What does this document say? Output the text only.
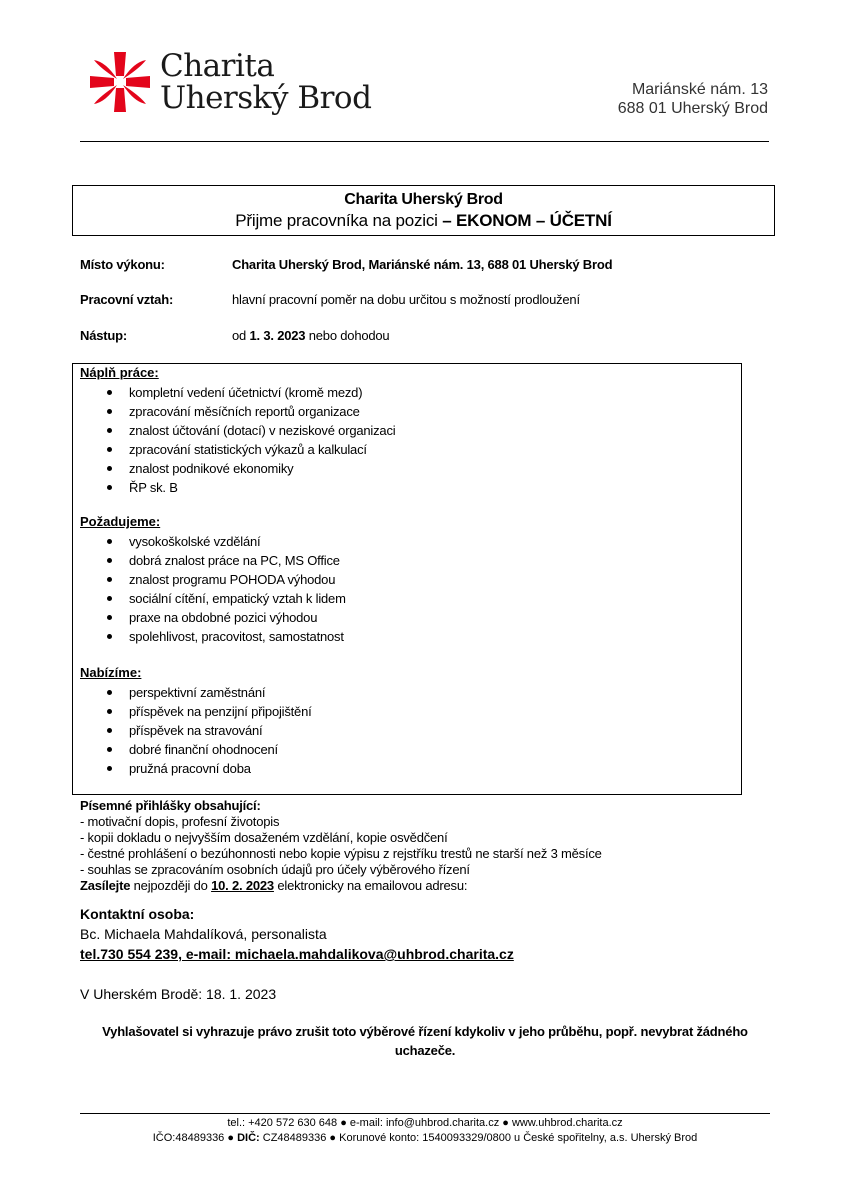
Charita
Uherský Brod	Mariánské nám. 13
688 01 Uherský Brod
Charita Uherský Brod
Přijme pracovníka na pozici – EKONOM – ÚČETNÍ
Místo výkonu:	Charita Uherský Brod, Mariánské nám. 13, 688 01 Uherský Brod
Pracovní vztah:	hlavní pracovní poměr na dobu určitou s možností prodloužení
Nástup:	od 1. 3. 2023 nebo dohodou
Náplň práce:
kompletní vedení účetnictví (kromě mezd)
zpracování měsíčních reportů organizace
znalost účtování (dotací) v neziskové organizaci
zpracování statistických výkazů a kalkulací
znalost podnikové ekonomiky
ŘP sk. B
Požadujeme:
vysokoškolské vzdělání
dobrá znalost práce na PC, MS Office
znalost programu POHODA výhodou
sociální cítění, empatický vztah k lidem
praxe na obdobné pozici výhodou
spolehlivost, pracovitost, samostatnost
Nabízíme:
perspektivní zaměstnání
příspěvek na penzijní připojištění
příspěvek na stravování
dobré finanční ohodnocení
pružná pracovní doba
Písemné přihlášky obsahující:
- motivační dopis, profesní životopis
- kopii dokladu o nejvyšším dosaženém vzdělání, kopie osvědčení
- čestné prohlášení o bezúhonnosti nebo kopie výpisu z rejstříku trestů ne starší než 3 měsíce
- souhlas se zpracováním osobních údajů pro účely výběrového řízení
Zasílejte nejpozději do 10. 2. 2023 elektronicky na emailovou adresu:
Kontaktní osoba:
Bc. Michaela Mahdalíková, personalista
tel.730 554 239, e-mail: michaela.mahdalikova@uhbrod.charita.cz
V Uherském Brodě: 18. 1. 2023
Vyhlašovatel si vyhrazuje právo zrušit toto výběrové řízení kdykoliv v jeho průběhu, popř. nevybrat žádného uchazeče.
tel.: +420 572 630 648 ● e-mail: info@uhbrod.charita.cz ● www.uhbrod.charita.cz
IČO:48489336 ● DIČ: CZ48489336 ● Korunové konto: 1540093329/0800 u České spořitelny, a.s. Uherský Brod
